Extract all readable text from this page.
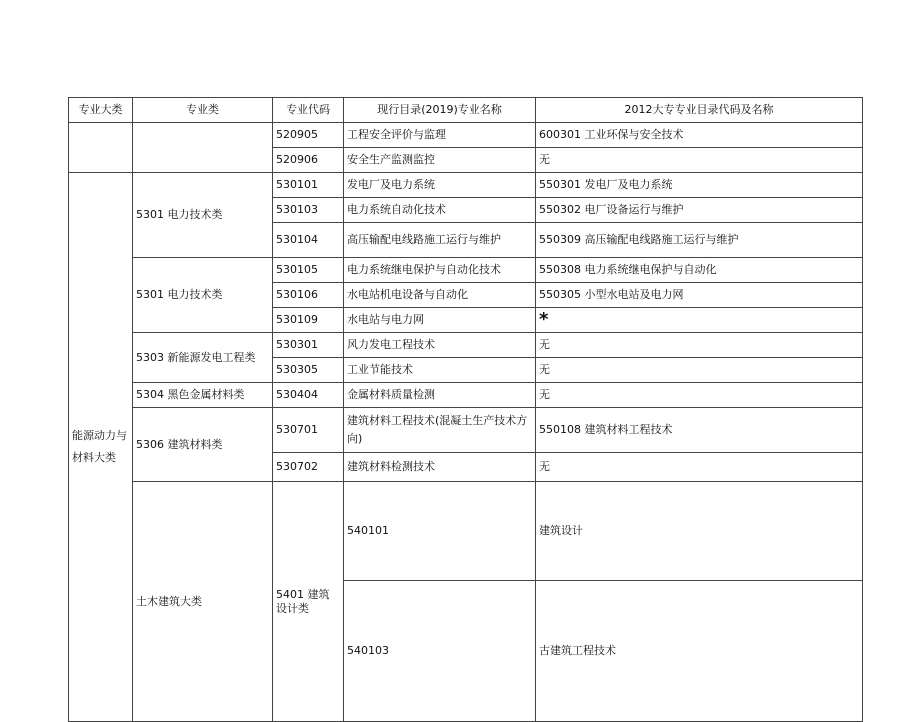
专业大类	专业类	专业代码	现行目录(2019)专业名称	2012大专专业目录代码及名称	
		520905	工程安全评价与监理	600301 工业环保与安全技术	
		520906	安全生产监测监控	无	
能源动力与材料大类	5301 电力技术类	530101	发电厂及电力系统	550301 发电厂及电力系统	
		530103	电力系统自动化技术	550302 电厂设备运行与维护	
		530104	高压输配电线路施工运行与维护	550309 高压输配电线路施工运行与维护	
	5301 电力技术类	530105	电力系统继电保护与自动化技术	550308 电力系统继电保护与自动化	
		530106	水电站机电设备与自动化	550305 小型水电站及电力网	
		530109	水电站与电力网	*	
	5303 新能源发电工程类	530301	风力发电工程技术	无	
		530305	工业节能技术	无	
	5304 黑色金属材料类	530404	金属材料质量检测	无	
	5306 建筑材料类	530701	建筑材料工程技术(混凝土生产技术方向)	550108 建筑材料工程技术	
		530702	建筑材料检测技术	无	
	土木建筑大类	5401 建筑设计类	540101	建筑设计	
			540103	古建筑工程技术	
